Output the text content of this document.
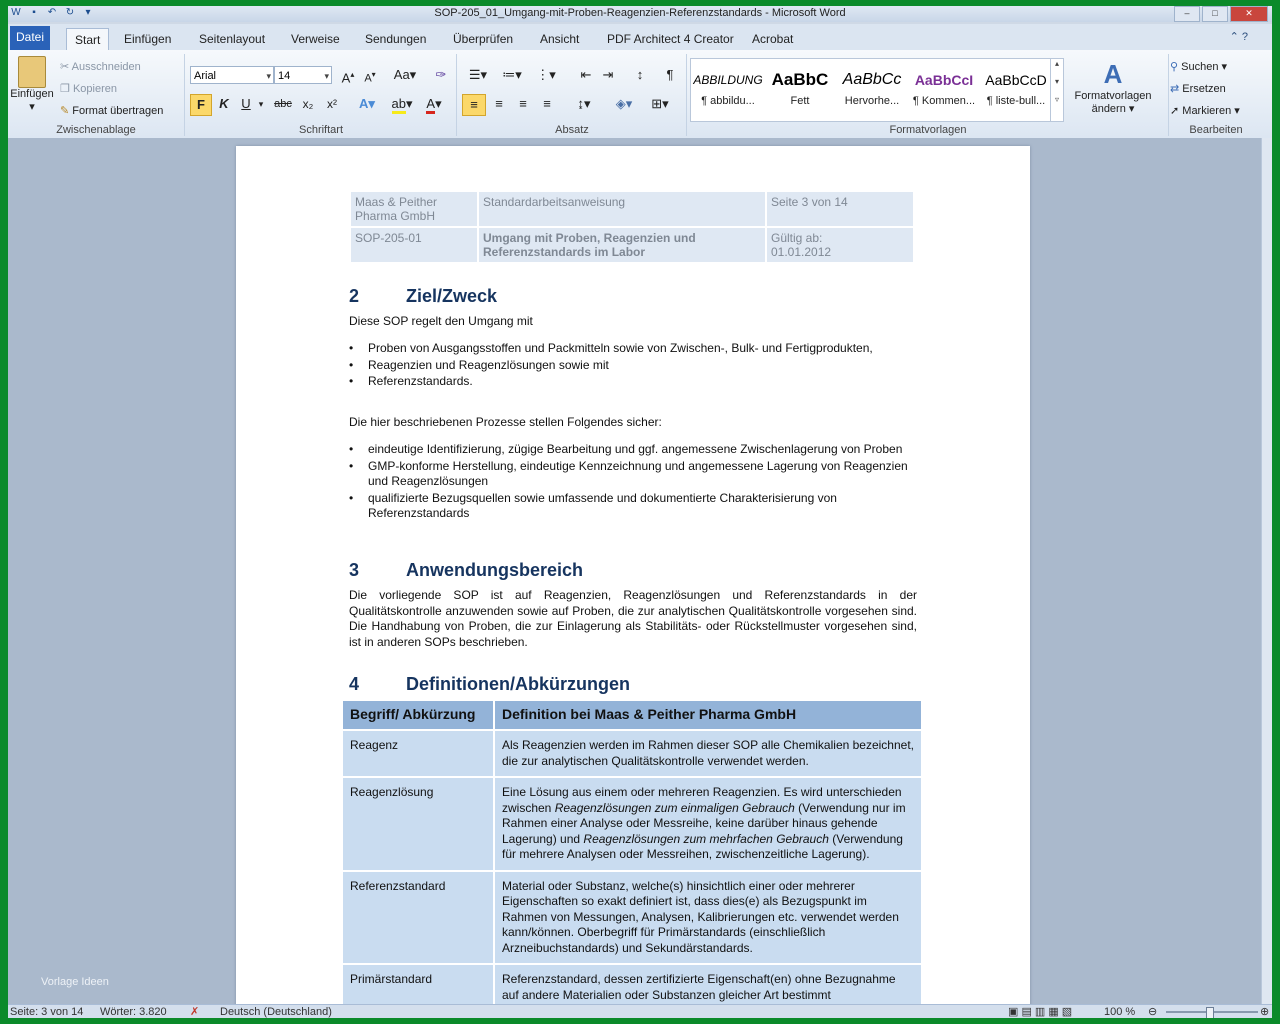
W	▪	↶ ↻	▾	SOP-205_01_Umgang-mit-Proben-Reagenzien-Referenzstandards - Microsoft Word	–	□	✕
Datei	Start	Einfügen	Seitenlayout	Verweise	Sendungen	Überprüfen	Ansicht	PDF Architect 4 Creator	Acrobat	⌃ ?
Einfügen
▾
✂ Ausschneiden
❐ Kopieren
✎ Format übertragen
Zwischenablage
Arial ▾	14 ▾	A▴ A▾	Aa▾ ✑
F	K U ▾ abc x₂	x²	A▾ ab▾	A▾
Schriftart
☰▾	≔▾	⋮▾	⇤ ⇥	↕	¶
≡	≡	≡	≡	↨▾	◈▾	⊞▾
Absatz
ABBILDUNG
¶ abbildu...
AaBbC
Fett
AaBbCc
Hervorhe...
AaBbCcI
¶ Kommen...
AaBbCcD
¶ liste-bull...
▴

▾

▿
A
Formatvorlagen
ändern ▾
Formatvorlagen
⚲ Suchen ▾
⇄ Ersetzen
➚ Markieren ▾
Bearbeiten
Maas & Peither Pharma GmbH	Standardarbeitsanweisung	Seite 3 von 14
SOP-205-01	Umgang mit Proben, Reagenzien und Referenzstandards im Labor	Gültig ab:
01.01.2012
2	Ziel/Zweck
Diese SOP regelt den Umgang mit
• Proben von Ausgangsstoffen und Packmitteln sowie von Zwischen-, Bulk- und Fertigprodukten,
• Reagenzien und Reagenzlösungen sowie mit
• Referenzstandards.
Die hier beschriebenen Prozesse stellen Folgendes sicher:
• eindeutige Identifizierung, zügige Bearbeitung und ggf. angemessene Zwischenlagerung von Proben
• GMP-konforme Herstellung, eindeutige Kennzeichnung und angemessene Lagerung von Reagenzien und Reagenzlösungen
• qualifizierte Bezugsquellen sowie umfassende und dokumentierte Charakterisierung von Referenzstandards
3	Anwendungsbereich
Die vorliegende SOP ist auf Reagenzien, Reagenzlösungen und Referenzstandards in der Qualitätskontrolle anzuwenden sowie auf Proben, die zur analytischen Qualitätskontrolle vorgesehen sind. Die Handhabung von Proben, die zur Einlagerung als Stabilitäts- oder Rückstellmuster vorgesehen sind, ist in anderen SOPs beschrieben.
4	Definitionen/Abkürzungen
Begriff/ Abkürzung	Definition bei Maas & Peither Pharma GmbH
Reagenz	Als Reagenzien werden im Rahmen dieser SOP alle Chemikalien bezeichnet, die zur analytischen Qualitätskontrolle verwendet werden.
Reagenzlösung	Eine Lösung aus einem oder mehreren Reagenzien. Es wird unterschieden zwischen Reagenzlösungen zum einmaligen Gebrauch (Verwendung nur im Rahmen einer Analyse oder Messreihe, keine darüber hinaus gehende Lagerung) und Reagenzlösungen zum mehrfachen Gebrauch (Verwendung für mehrere Analysen oder Messreihen, zwischenzeitliche Lagerung).
Referenzstandard	Material oder Substanz, welche(s) hinsichtlich einer oder mehrerer Eigenschaften so exakt definiert ist, dass dies(e) als Bezugspunkt im Rahmen von Messungen, Analysen, Kalibrierungen etc. verwendet werden kann/können. Oberbegriff für Primärstandards (einschließlich Arzneibuchstandards) und Sekundärstandards.
Primärstandard	Referenzstandard, dessen zertifizierte Eigenschaft(en) ohne Bezugnahme auf andere Materialien oder Substanzen gleicher Art bestimmt
Vorlage Ideen
Seite: 3 von 14 Wörter: 3.820 ✗ Deutsch (Deutschland)	▣ ▤ ▥ ▦ ▧	100 % ⊖	⊕
